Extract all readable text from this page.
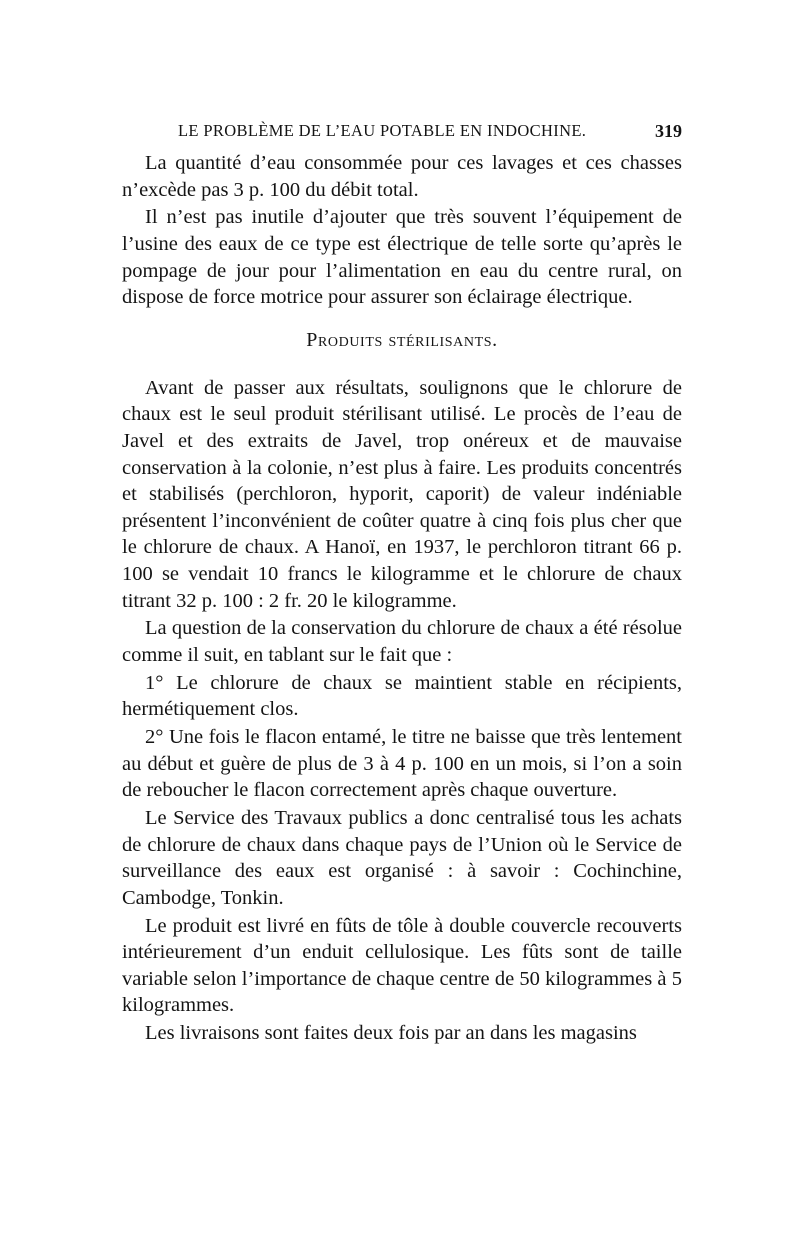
LE PROBLÈME DE L’EAU POTABLE EN INDOCHINE.	319

La quantité d’eau consommée pour ces lavages et ces chasses n’excède pas 3 p. 100 du débit total.

Il n’est pas inutile d’ajouter que très souvent l’équipement de l’usine des eaux de ce type est électrique de telle sorte qu’après le pompage de jour pour l’alimentation en eau du centre rural, on dispose de force motrice pour assurer son éclairage électrique.

Produits stérilisants.

Avant de passer aux résultats, soulignons que le chlorure de chaux est le seul produit stérilisant utilisé. Le procès de l’eau de Javel et des extraits de Javel, trop onéreux et de mauvaise conservation à la colonie, n’est plus à faire. Les produits concentrés et stabilisés (perchloron, hyporit, caporit) de valeur indéniable présentent l’inconvénient de coûter quatre à cinq fois plus cher que le chlorure de chaux. A Hanoï, en 1937, le perchloron titrant 66 p. 100 se vendait 10 francs le kilogramme et le chlorure de chaux titrant 32 p. 100 : 2 fr. 20 le kilogramme.

La question de la conservation du chlorure de chaux a été résolue comme il suit, en tablant sur le fait que :

1° Le chlorure de chaux se maintient stable en récipients, hermétiquement clos.

2° Une fois le flacon entamé, le titre ne baisse que très lentement au début et guère de plus de 3 à 4 p. 100 en un mois, si l’on a soin de reboucher le flacon correctement après chaque ouverture.

Le Service des Travaux publics a donc centralisé tous les achats de chlorure de chaux dans chaque pays de l’Union où le Service de surveillance des eaux est organisé : à savoir : Cochinchine, Cambodge, Tonkin.

Le produit est livré en fûts de tôle à double couvercle recouverts intérieurement d’un enduit cellulosique. Les fûts sont de taille variable selon l’importance de chaque centre de 50 kilogrammes à 5 kilogrammes.

Les livraisons sont faites deux fois par an dans les magasins
